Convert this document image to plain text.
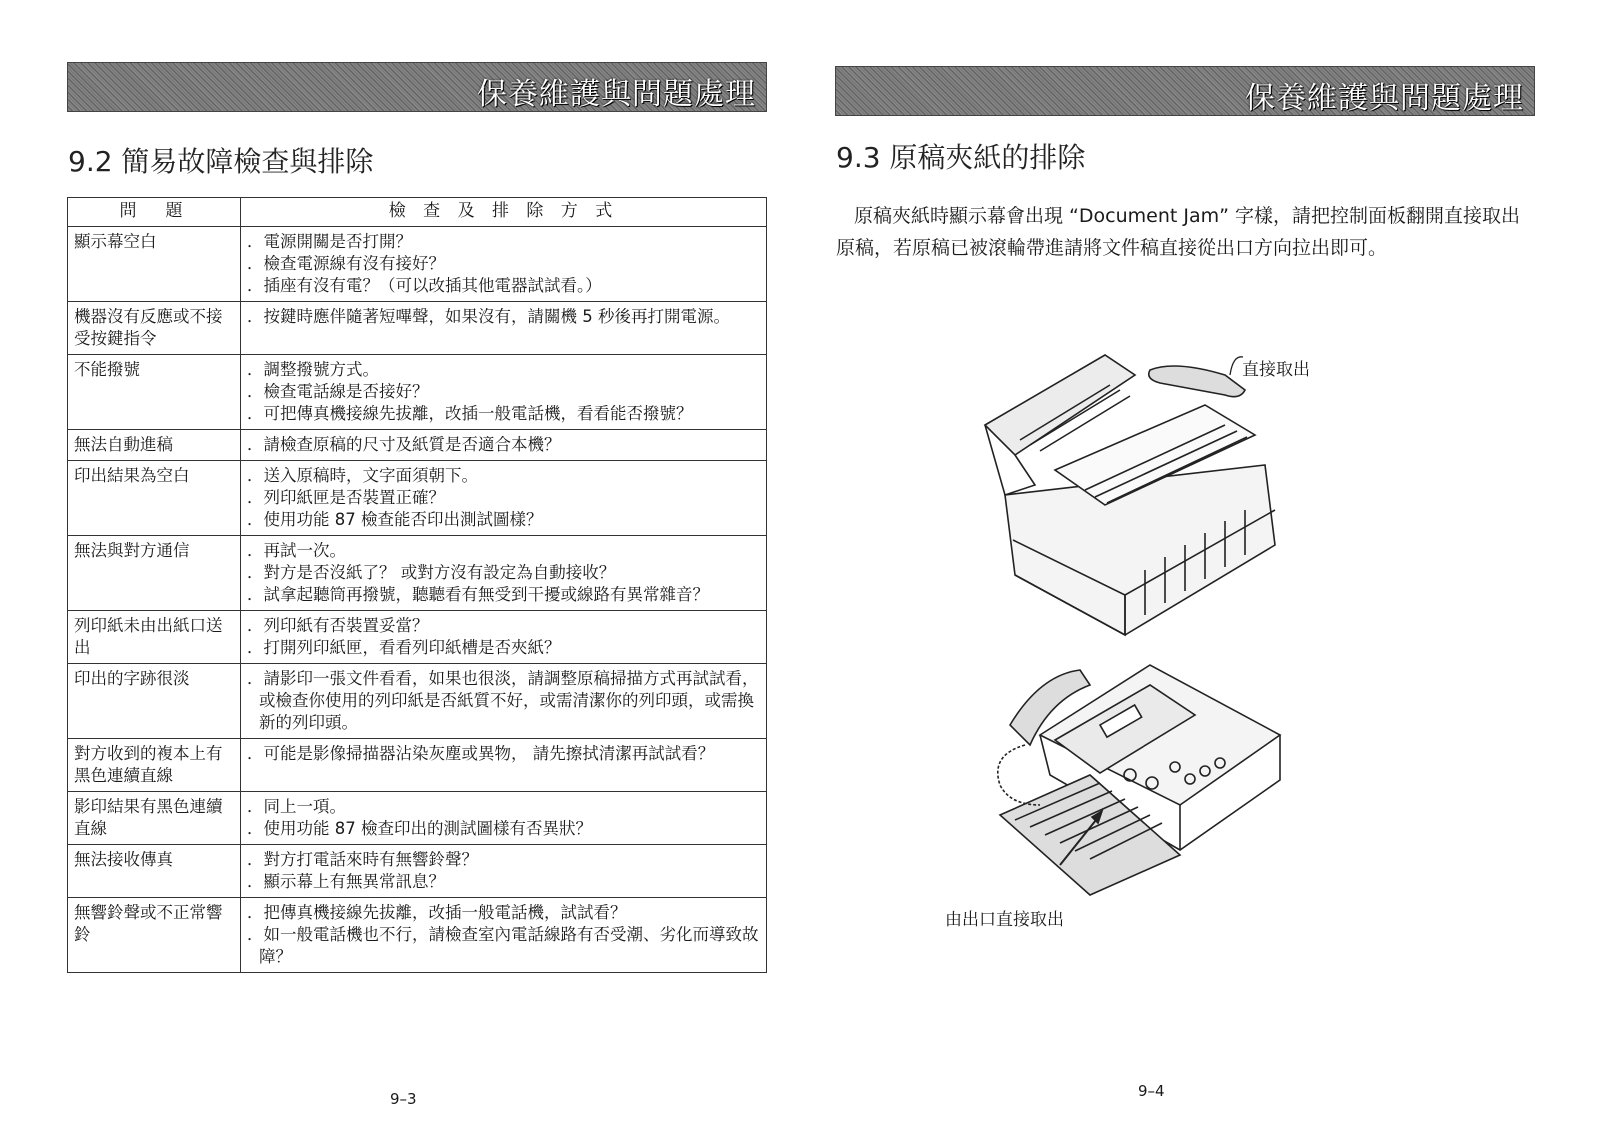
保養維護與問題處理
9.2 簡易故障檢查與排除
問　題	檢 查 及 排 除 方 式
顯示幕空白	．電源開關是否打開？
．檢查電源線有沒有接好？
．插座有沒有電？（可以改插其他電器試試看。）

機器沒有反應或不接受按鍵指令	．按鍵時應伴隨著短嗶聲，如果沒有，請關機 5 秒後再打開電源。

不能撥號	．調整撥號方式。
．檢查電話線是否接好？
．可把傳真機接線先拔離，改插一般電話機，看看能否撥號？

無法自動進稿	．請檢查原稿的尺寸及紙質是否適合本機？

印出結果為空白	．送入原稿時，文字面須朝下。
．列印紙匣是否裝置正確？
．使用功能 87 檢查能否印出測試圖樣？

無法與對方通信	．再試一次。
．對方是否沒紙了？ 或對方沒有設定為自動接收？
．試拿起聽筒再撥號，聽聽看有無受到干擾或線路有異常雜音？

列印紙未由出紙口送出	．列印紙有否裝置妥當？
．打開列印紙匣，看看列印紙槽是否夾紙？

印出的字跡很淡	．請影印一張文件看看，如果也很淡，請調整原稿掃描方式再試試看，或檢查你使用的列印紙是否紙質不好，或需清潔你的列印頭，或需換新的列印頭。

對方收到的複本上有黑色連續直線	．可能是影像掃描器沾染灰塵或異物， 請先擦拭清潔再試試看？

影印結果有黑色連續直線	．同上一項。
．使用功能 87 檢查印出的測試圖樣有否異狀？

無法接收傳真	．對方打電話來時有無響鈴聲？
．顯示幕上有無異常訊息？

無響鈴聲或不正常響鈴	．把傳真機接線先拔離，改插一般電話機，試試看？
．如一般電話機也不行，請檢查室內電話線路有否受潮、劣化而導致故障？
9–3
保養維護與問題處理
9.3 原稿夾紙的排除
原稿夾紙時顯示幕會出現 “Document Jam” 字樣，請把控制面板翻開直接取出原稿，若原稿已被滾輪帶進請將文件稿直接從出口方向拉出即可。
直接取出
由出口直接取出
9–4
